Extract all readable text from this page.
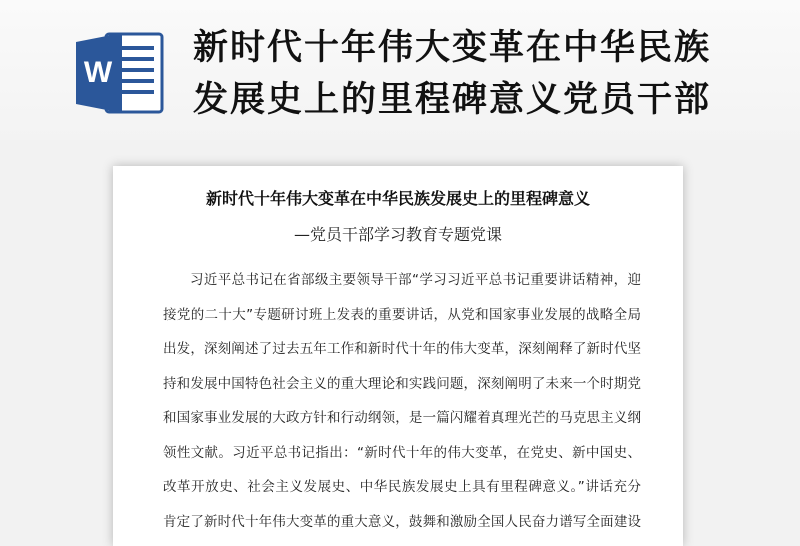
W
新时代十年伟大变革在中华民族
发展史上的里程碑意义党员干部
新时代十年伟大变革在中华民族发展史上的里程碑意义
—党员干部学习教育专题党课
习近平总书记在省部级主要领导干部“学习习近平总书记重要讲话精神，迎
接党的二十大”专题研讨班上发表的重要讲话，从党和国家事业发展的战略全局
出发，深刻阐述了过去五年工作和新时代十年的伟大变革，深刻阐释了新时代坚
持和发展中国特色社会主义的重大理论和实践问题，深刻阐明了未来一个时期党
和国家事业发展的大政方针和行动纲领，是一篇闪耀着真理光芒的马克思主义纲
领性文献。习近平总书记指出：“新时代十年的伟大变革，在党史、新中国史、
改革开放史、社会主义发展史、中华民族发展史上具有里程碑意义。”讲话充分
肯定了新时代十年伟大变革的重大意义，鼓舞和激励全国人民奋力谱写全面建设
